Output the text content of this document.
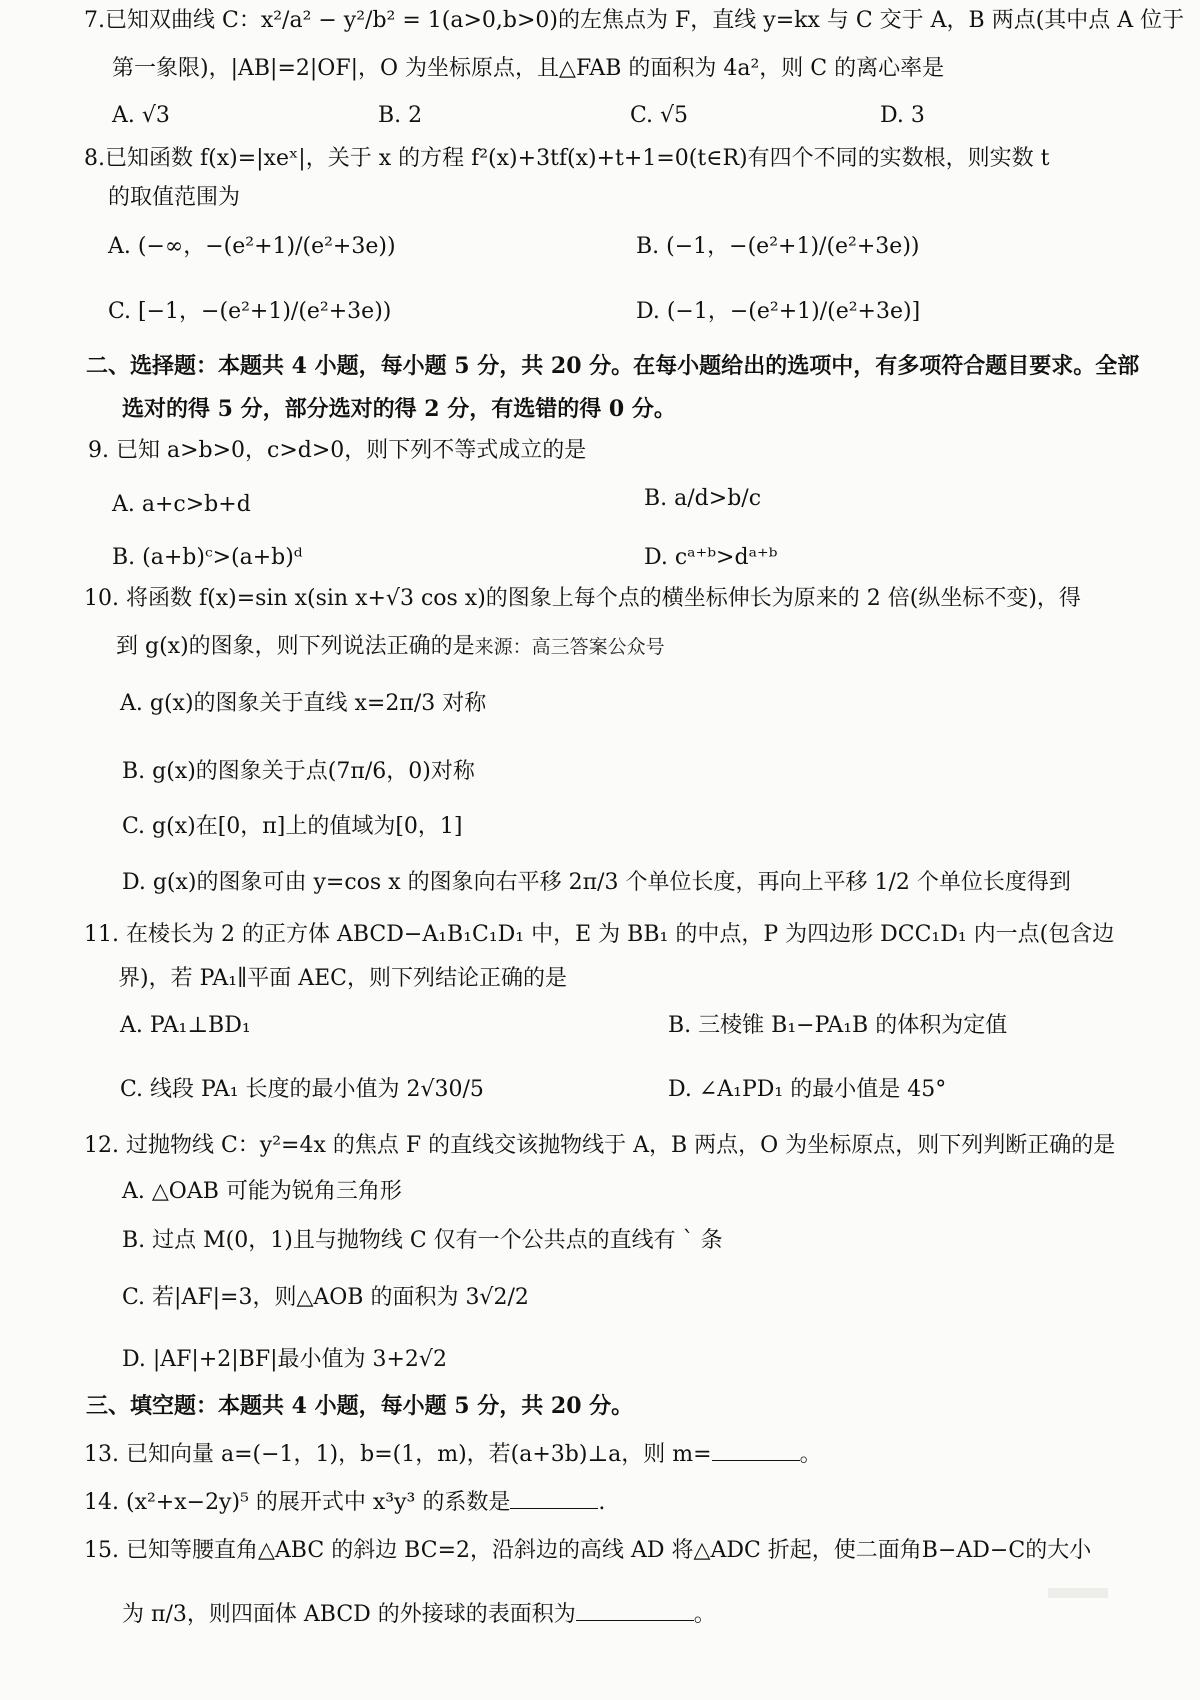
7.已知双曲线 C：x²/a² − y²/b² = 1(a>0,b>0)的左焦点为 F，直线 y=kx 与 C 交于 A，B 两点(其中点 A 位于
第一象限)，|AB|=2|OF|，O 为坐标原点，且△FAB 的面积为 4a²，则 C 的离心率是
A. √3	B. 2	C. √5	D. 3
8.已知函数 f(x)=|xeˣ|，关于 x 的方程 f²(x)+3tf(x)+t+1=0(t∈R)有四个不同的实数根，则实数 t
的取值范围为
A. (−∞，−(e²+1)/(e²+3e))	B. (−1，−(e²+1)/(e²+3e))
C. [−1，−(e²+1)/(e²+3e))	D. (−1，−(e²+1)/(e²+3e)]
二、选择题：本题共 4 小题，每小题 5 分，共 20 分。在每小题给出的选项中，有多项符合题目要求。全部
选对的得 5 分，部分选对的得 2 分，有选错的得 0 分。
9. 已知 a>b>0，c>d>0，则下列不等式成立的是
A. a+c>b+d	B. a/d>b/c
B. (a+b)ᶜ>(a+b)ᵈ	D. cᵃ⁺ᵇ>dᵃ⁺ᵇ
10. 将函数 f(x)=sin x(sin x+√3 cos x)的图象上每个点的横坐标伸长为原来的 2 倍(纵坐标不变)，得
到 g(x)的图象，则下列说法正确的是来源：高三答案公众号
A. g(x)的图象关于直线 x=2π/3 对称
B. g(x)的图象关于点(7π/6，0)对称
C. g(x)在[0，π]上的值域为[0，1]
D. g(x)的图象可由 y=cos x 的图象向右平移 2π/3 个单位长度，再向上平移 1/2 个单位长度得到
11. 在棱长为 2 的正方体 ABCD−A₁B₁C₁D₁ 中，E 为 BB₁ 的中点，P 为四边形 DCC₁D₁ 内一点(包含边
界)，若 PA₁∥平面 AEC，则下列结论正确的是
A. PA₁⊥BD₁	B. 三棱锥 B₁−PA₁B 的体积为定值
C. 线段 PA₁ 长度的最小值为 2√30/5	D. ∠A₁PD₁ 的最小值是 45°
12. 过抛物线 C：y²=4x 的焦点 F 的直线交该抛物线于 A，B 两点，O 为坐标原点，则下列判断正确的是
A. △OAB 可能为锐角三角形
B. 过点 M(0，1)且与抛物线 C 仅有一个公共点的直线有 ` 条
C. 若|AF|=3，则△AOB 的面积为 3√2/2
D. |AF|+2|BF|最小值为 3+2√2
三、填空题：本题共 4 小题，每小题 5 分，共 20 分。
13. 已知向量 a=(−1，1)，b=(1，m)，若(a+3b)⊥a，则 m=	。
14. (x²+x−2y)⁵ 的展开式中 x³y³ 的系数是	.
15. 已知等腰直角△ABC 的斜边 BC=2，沿斜边的高线 AD 将△ADC 折起，使二面角B−AD−C的大小
为 π/3，则四面体 ABCD 的外接球的表面积为	。
